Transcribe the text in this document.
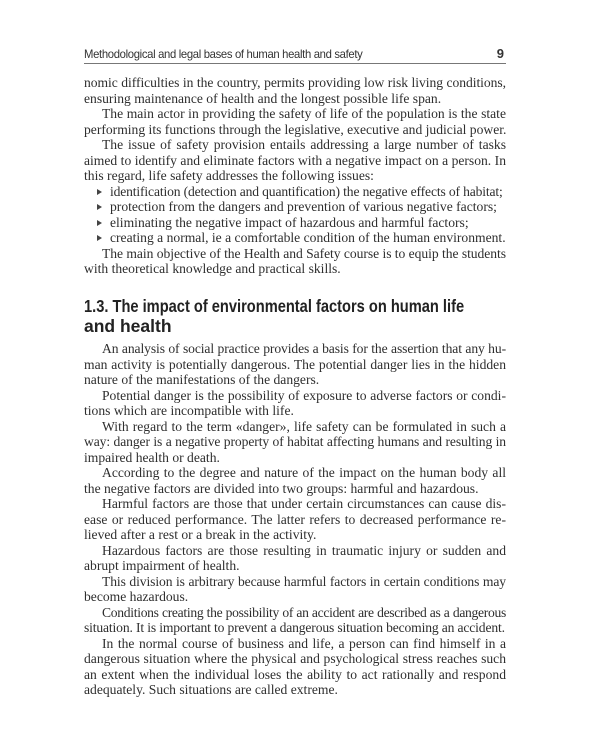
Methodological and legal bases of human health and safety	9
nomic difficulties in the country, permits providing low risk living conditions,
ensuring maintenance of health and the longest possible life span.
The main actor in providing the safety of life of the population is the state
performing its functions through the legislative, executive and judicial power.
The issue of safety provision entails addressing a large number of tasks
aimed to identify and eliminate factors with a negative impact on a person. In
this regard, life safety addresses the following issues:
identification (detection and quantification) the negative effects of habitat;
protection from the dangers and prevention of various negative factors;
eliminating the negative impact of hazardous and harmful factors;
creating a normal, ie a comfortable condition of the human environment.
The main objective of the Health and Safety course is to equip the students
with theoretical knowledge and practical skills.
1.3. The impact of environmental factors on human life
and health
An analysis of social practice provides a basis for the assertion that any hu-
man activity is potentially dangerous. The potential danger lies in the hidden
nature of the manifestations of the dangers.
Potential danger is the possibility of exposure to adverse factors or condi-
tions which are incompatible with life.
With regard to the term «danger», life safety can be formulated in such a
way: danger is a negative property of habitat affecting humans and resulting in
impaired health or death.
According to the degree and nature of the impact on the human body all
the negative factors are divided into two groups: harmful and hazardous.
Harmful factors are those that under certain circumstances can cause dis-
ease or reduced performance. The latter refers to decreased performance re-
lieved after a rest or a break in the activity.
Hazardous factors are those resulting in traumatic injury or sudden and
abrupt impairment of health.
This division is arbitrary because harmful factors in certain conditions may
become hazardous.
Conditions creating the possibility of an accident are described as a dangerous
situation. It is important to prevent a dangerous situation becoming an accident.
In the normal course of business and life, a person can find himself in a
dangerous situation where the physical and psychological stress reaches such
an extent when the individual loses the ability to act rationally and respond
adequately. Such situations are called extreme.
